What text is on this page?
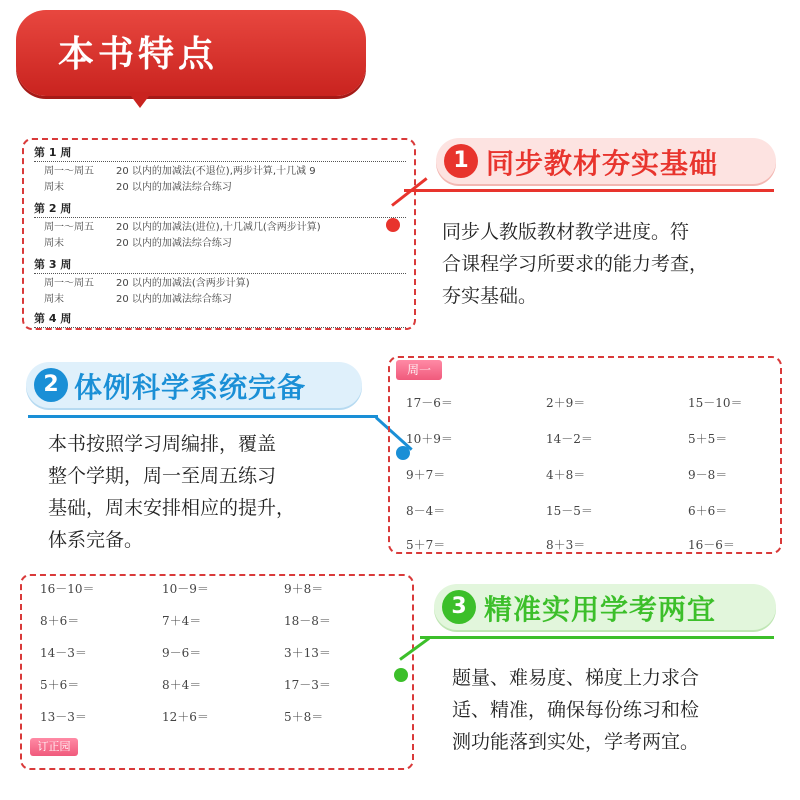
本书特点
第 1 周
周一～周五 20 以内的加减法(不退位),两步计算,十几减 9
周末	20 以内的加减法综合练习
第 2 周
周一～周五 20 以内的加减法(进位),十几减几(含两步计算)
周末	20 以内的加减法综合练习
第 3 周
周一～周五 20 以内的加减法(含两步计算)
周末	20 以内的加减法综合练习
第 4 周
1 同步教材夯实基础
同步人教版教材教学进度。符
合课程学习所要求的能力考查，
夯实基础。
2 体例科学系统完备
本书按照学习周编排，覆盖
整个学期，周一至周五练习
基础，周末安排相应的提升，
体系完备。
周一
17－6＝	2＋9＝	15－10＝
10＋9＝	14－2＝	5＋5＝
9＋7＝	4＋8＝	9－8＝
8－4＝	15－5＝	6＋6＝
5＋7＝	8＋3＝	16－6＝
16－10＝	10－9＝	9＋8＝
8＋6＝	7＋4＝	18－8＝
14－3＝	9－6＝	3＋13＝
5＋6＝	8＋4＝	17－3＝
13－3＝	12＋6＝	5＋8＝
订正园
3 精准实用学考两宜
题量、难易度、梯度上力求合
适、精准，确保每份练习和检
测功能落到实处，学考两宜。
